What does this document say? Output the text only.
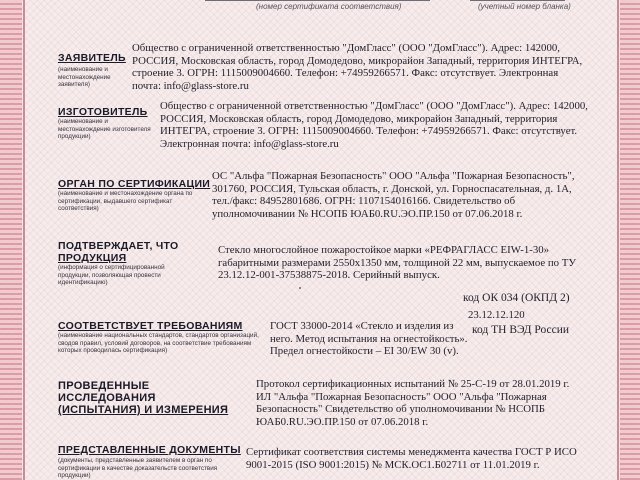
(номер сертификата соответствия)	(учетный номер бланка)
ЗАЯВИТЕЛЬ
(наименование и местонахождение заявителя)
Общество с ограниченной ответственностью "ДомГласс" (ООО "ДомГласс"). Адрес: 142000, РОССИЯ, Московская область, город Домодедово, микрорайон Западный, территория ИНТЕГРА, строение 3. ОГРН: 1115009004660. Телефон: +74959266571. Факс: отсутствует. Электронная почта: info@glass-store.ru
ИЗГОТОВИТЕЛЬ
(наименование и местонахождение изготовителя продукции)
Общество с ограниченной ответственностью "ДомГласс" (ООО "ДомГласс"). Адрес: 142000, РОССИЯ, Московская область, город Домодедово, микрорайон Западный, территория ИНТЕГРА, строение 3. ОГРН: 1115009004660. Телефон: +74959266571. Факс: отсутствует. Электронная почта: info@glass-store.ru
ОРГАН ПО СЕРТИФИКАЦИИ
(наименование и местонахождение органа по сертификации, выдавшего сертификат соответствия)
ОС "Альфа "Пожарная Безопасность" ООО "Альфа "Пожарная Безопасность", 301760, РОССИЯ, Тульская область, г. Донской, ул. Горноспасательная, д. 1А, тел./факс: 84952801686. ОГРН: 1107154016166. Свидетельство об уполномочивании № НСОПБ ЮАБ0.RU.ЭО.ПР.150 от 07.06.2018 г.
ПОДТВЕРЖДАЕТ, ЧТО
ПРОДУКЦИЯ
(информация о сертифицированной продукции, позволяющая провести идентификацию)
Стекло многослойное пожаростойкое марки «РЕФРАГЛАСС EIW-1-30» габаритными размерами 2550х1350 мм, толщиной 22 мм, выпускаемое по ТУ 23.12.12-001-37538875-2018. Серийный выпуск.
код ОК 034 (ОКПД 2)
23.12.12.120
СООТВЕТСТВУЕТ ТРЕБОВАНИЯМ
(наименование национальных стандартов, стандартов организаций, сводов правил, условий договоров, на соответствие требованиям которых проводилась сертификация)
ГОСТ 33000-2014 «Стекло и изделия из него. Метод испытания на огнестойкость». Предел огнестойкости – EI 30/EW 30 (v).
код ТН ВЭД России
ПРОВЕДЕННЫЕ
ИССЛЕДОВАНИЯ
(ИСПЫТАНИЯ) И ИЗМЕРЕНИЯ
Протокол сертификационных испытаний № 25-С-19 от 28.01.2019 г. ИЛ "Альфа "Пожарная Безопасность" ООО "Альфа "Пожарная Безопасность" Свидетельство об уполномочивании № НСОПБ ЮАБ0.RU.ЭО.ПР.150 от 07.06.2018 г.
ПРЕДСТАВЛЕННЫЕ ДОКУМЕНТЫ
(документы, представленные заявителем в орган по сертификации в качестве доказательств соответствия продукции)
Сертификат соответствия системы менеджмента качества ГОСТ Р ИСО 9001-2015 (ISO 9001:2015) № МСК.ОС1.Б02711 от 11.01.2019 г.
